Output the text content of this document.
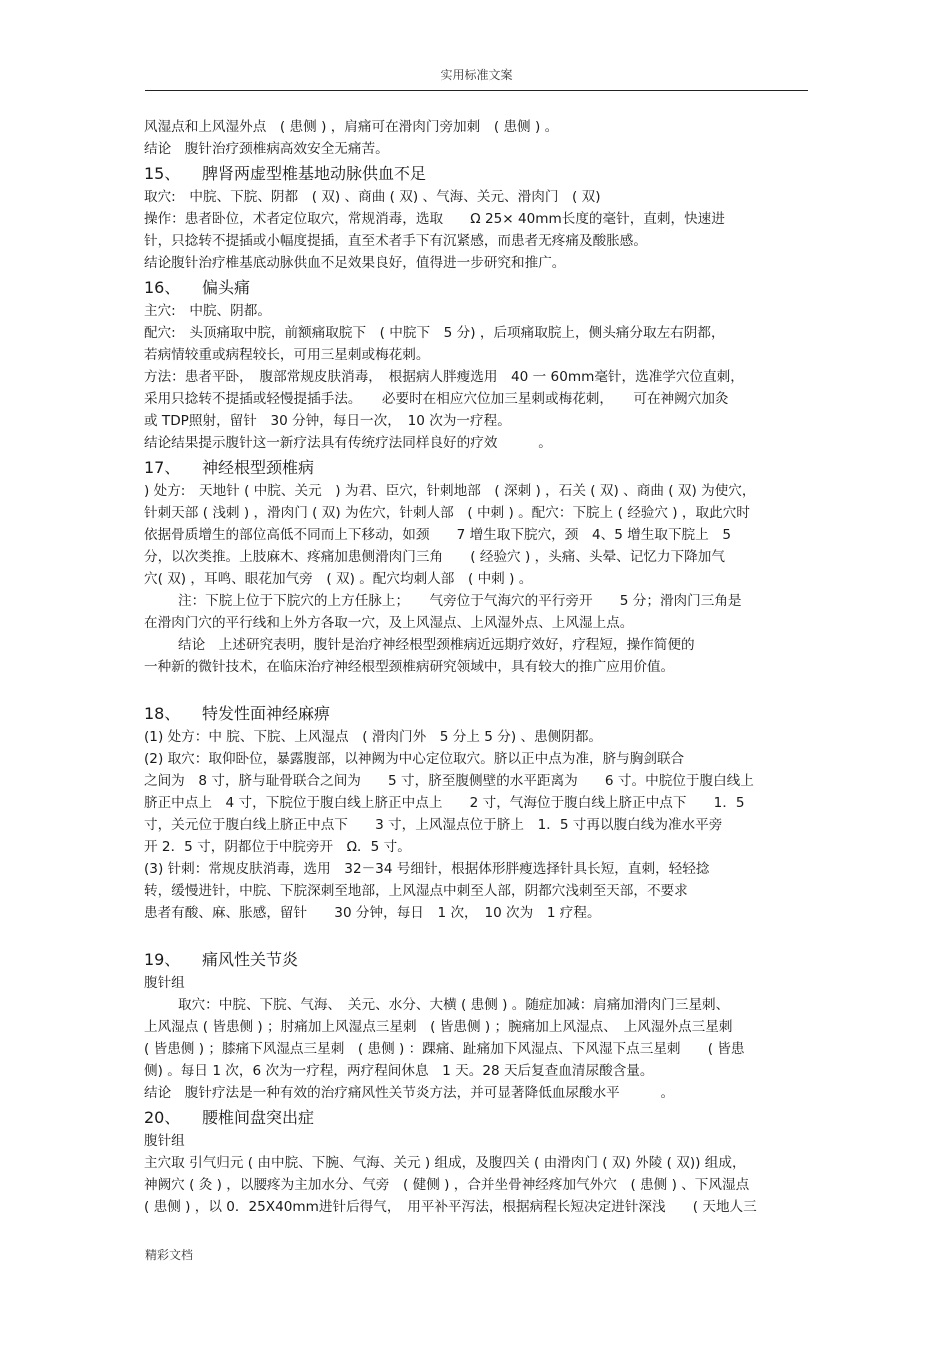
实用标准文案
风湿点和上风湿外点　( 患侧 ) ，肩痛可在滑肉门旁加刺　( 患侧 ) 。
结论　腹针治疗颈椎病高效安全无痛苦。
15、 脾肾两虚型椎基地动脉供血不足
取穴:　中脘、下脘、阴都　( 双) 、商曲 ( 双) 、气海、关元、滑肉门　( 双)
操作：患者卧位，术者定位取穴，常规消毒，选取　　Ω 25× 40mm长度的毫针，直刺，快速进
针，只捻转不提插或小幅度提插，直至术者手下有沉紧感，而患者无疼痛及酸胀感。
结论腹针治疗椎基底动脉供血不足效果良好，值得进一步研究和推广。
16、 偏头痛
主穴:　中脘、阴都。
配穴:　头顶痛取中脘，前额痛取脘下　( 中脘下　5 分) ，后项痛取脘上，侧头痛分取左右阴都，
若病情较重或病程较长，可用三星刺或梅花刺。
方法：患者平卧，　腹部常规皮肤消毒，　根据病人胖瘦选用　40 一 60mm毫针，选准学穴位直刺，
采用只捻转不提插或轻慢提插手法。　　必要时在相应穴位加三星刺或梅花刺，　　可在神阙穴加灸
或 TDP照射，留针　30 分钟，每日一次，　10 次为一疗程。
结论结果提示腹针这一新疗法具有传统疗法同样良好的疗效　　　。
17、 神经根型颈椎病
) 处方:　天地针 ( 中脘、关元　) 为君、臣穴，针刺地部　( 深刺 ) ，石关 ( 双) 、商曲 ( 双) 为使穴，
针刺天部 ( 浅刺 ) ，滑肉门 ( 双) 为佐穴，针刺人部　( 中刺 ) 。配穴：下脘上 ( 经验穴 ) ，取此穴时
依据骨质增生的部位高低不同而上下移动，如颈　　7 增生取下脘穴，颈　4、5 增生取下脘上　5
分，以次类推。上肢麻木、疼痛加患侧滑肉门三角　　( 经验穴 ) ，头痛、头晕、记忆力下降加气
穴( 双) ，耳鸣、眼花加气旁　( 双) 。配穴均刺人部　( 中刺 ) 。
注：下脘上位于下脘穴的上方任脉上；　　气旁位于气海穴的平行旁开　　5 分；滑肉门三角是
在滑肉门穴的平行线和上外方各取一穴，及上风湿点、上风湿外点、上风湿上点。
结论　上述研究表明，腹针是治疗神经根型颈椎病近远期疗效好，疗程短，操作简便的
一种新的微针技术，在临床治疗神经根型颈椎病研究领域中，具有较大的推广应用价值。
18、 特发性面神经麻痹
(1) 处方：中 脘、下脘、上风湿点　( 滑肉门外　5 分上 5 分) 、患侧阴都。
(2) 取穴：取仰卧位，暴露腹部，以神阙为中心定位取穴。脐以正中点为准，脐与胸剑联合
之间为　8 寸，脐与耻骨联合之间为　　5 寸，脐至腹侧壁的水平距离为　　6 寸。中脘位于腹白线上
脐正中点上　4 寸，下脘位于腹白线上脐正中点上　　2 寸，气海位于腹白线上脐正中点下　　1．5
寸，关元位于腹白线上脐正中点下　　3 寸，上风湿点位于脐上　1．5 寸再以腹白线为准水平旁
开 2．5 寸，阴都位于中脘旁开　Ω．5 寸。
(3) 针刺：常规皮肤消毒，选用　32－34 号细针，根据体形胖瘦选择针具长短，直刺，轻轻捻
转，缓慢进针，中脘、下脘深刺至地部，上风湿点中刺至人部，阴都穴浅刺至天部，不要求
患者有酸、麻、胀感，留针　　30 分钟，每日　1 次，　10 次为　1 疗程。
19、 痛风性关节炎
腹针组
取穴：中脘、下脘、气海、　关元、水分、大横 ( 患侧 ) 。随症加减：肩痛加滑肉门三星刺、
上风湿点 ( 皆患侧 ) ；肘痛加上风湿点三星刺　( 皆患侧 ) ；腕痛加上风湿点、　上风湿外点三星刺
( 皆患侧 ) ；膝痛下风湿点三星刺　( 患侧 ) ：踝痛、趾痛加下风湿点、下风湿下点三星刺　　( 皆患
侧) 。每日 1 次，6 次为一疗程，两疗程间休息　1 天。28 天后复查血清尿酸含量。
结论　腹针疗法是一种有效的治疗痛风性关节炎方法，并可显著降低血尿酸水平　　　。
20、 腰椎间盘突出症
腹针组
主穴取 引气归元 ( 由中脘、下腕、气海、关元 ) 组成，及腹四关 ( 由滑肉门 ( 双) 外陵 ( 双)) 组成，
神阙穴 ( 灸 ) ，以腰疼为主加水分、气旁　( 健侧 ) ，合并坐骨神经疼加气外穴　( 患侧 ) 、下风湿点
( 患侧 ) ，以 0．25X40mm进针后得气，　用平补平泻法，根据病程长短决定进针深浅　　( 天地人三
精彩文档
